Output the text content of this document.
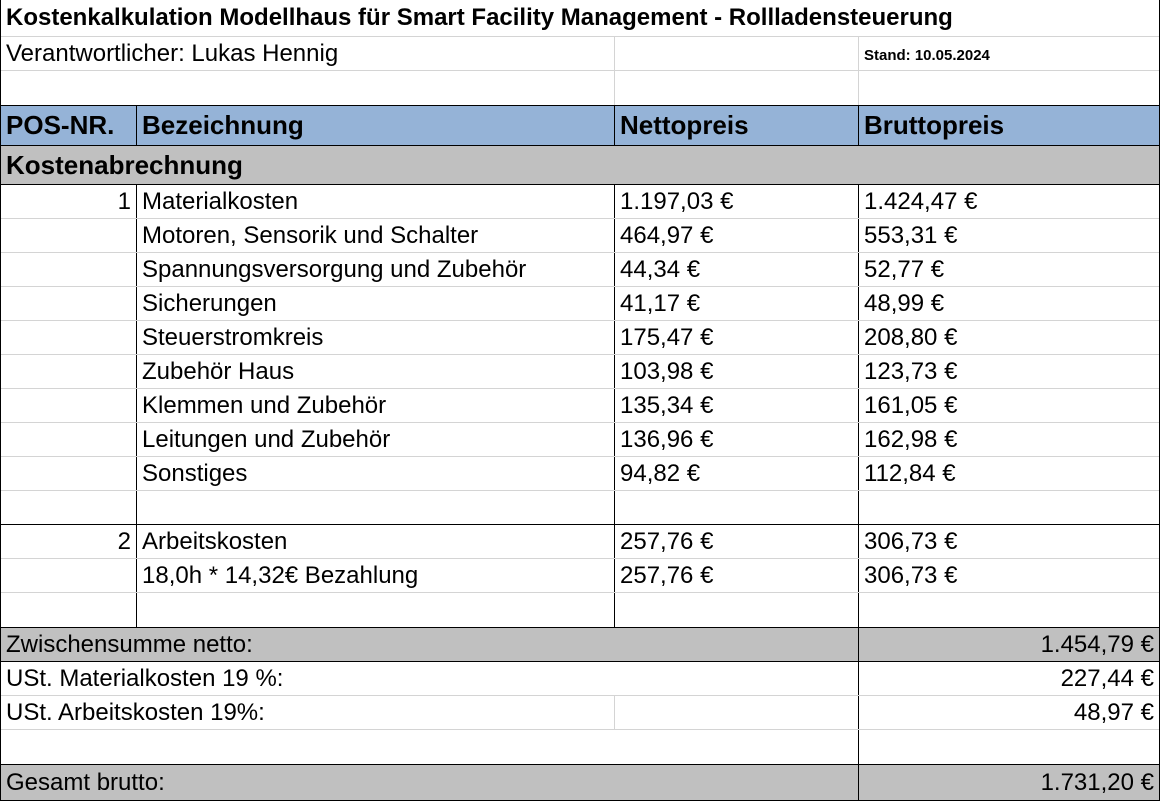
Kostenkalkulation Modellhaus für Smart Facility Management - Rollladensteuerung
Verantwortlicher: Lukas Hennig	Stand: 10.05.2024
POS-NR.	Bezeichnung	Nettopreis	Bruttopreis
Kostenabrechnung
1 Materialkosten	1.197,03 €	1.424,47 €
Motoren, Sensorik und Schalter	464,97 €	553,31 €
Spannungsversorgung und Zubehör	44,34 €	52,77 €
Sicherungen	41,17 €	48,99 €
Steuerstromkreis	175,47 €	208,80 €
Zubehör Haus	103,98 €	123,73 €
Klemmen und Zubehör	135,34 €	161,05 €
Leitungen und Zubehör	136,96 €	162,98 €
Sonstiges	94,82 €	112,84 €
2 Arbeitskosten	257,76 €	306,73 €
18,0h * 14,32€ Bezahlung	257,76 €	306,73 €
Zwischensumme netto:	1.454,79 €
USt. Materialkosten 19 %:	227,44 €
USt. Arbeitskosten 19%:	48,97 €
Gesamt brutto:	1.731,20 €
